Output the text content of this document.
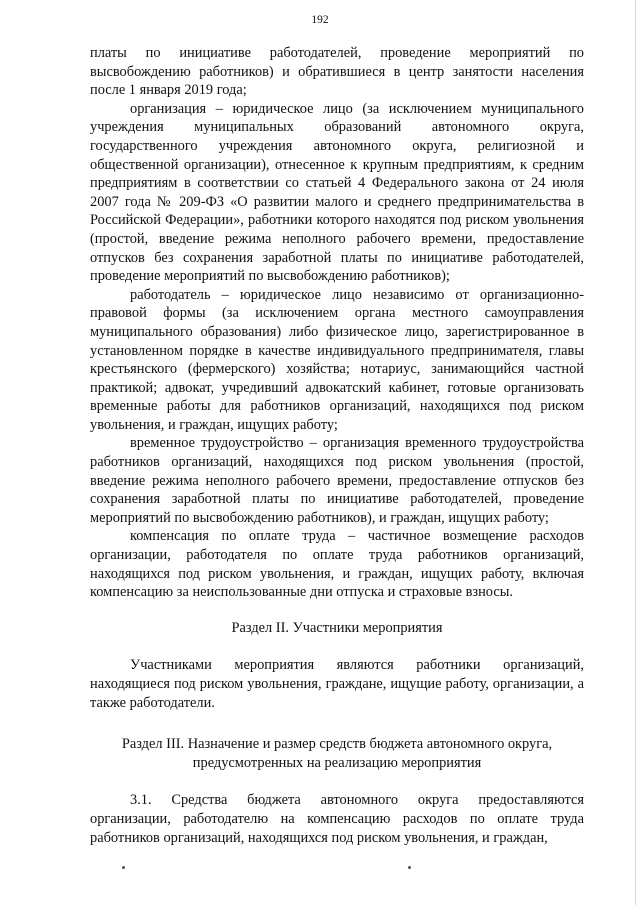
192

платы по инициативе работодателей, проведение мероприятий по высвобождению работников) и обратившиеся в центр занятости населения после 1 января 2019 года;

организация – юридическое лицо (за исключением муниципального учреждения муниципальных образований автономного округа, государственного учреждения автономного округа, религиозной и общественной организации), отнесенное к крупным предприятиям, к средним предприятиям в соответствии со статьей 4 Федерального закона от 24 июля 2007 года № 209-ФЗ «О развитии малого и среднего предпринимательства в Российской Федерации», работники которого находятся под риском увольнения (простой, введение режима неполного рабочего времени, предоставление отпусков без сохранения заработной платы по инициативе работодателей, проведение мероприятий по высвобождению работников);

работодатель – юридическое лицо независимо от организационно-правовой формы (за исключением органа местного самоуправления муниципального образования) либо физическое лицо, зарегистрированное в установленном порядке в качестве индивидуального предпринимателя, главы крестьянского (фермерского) хозяйства; нотариус, занимающийся частной практикой; адвокат, учредивший адвокатский кабинет, готовые организовать временные работы для работников организаций, находящихся под риском увольнения, и граждан, ищущих работу;

временное трудоустройство – организация временного трудоустройства работников организаций, находящихся под риском увольнения (простой, введение режима неполного рабочего времени, предоставление отпусков без сохранения заработной платы по инициативе работодателей, проведение мероприятий по высвобождению работников), и граждан, ищущих работу;

компенсация по оплате труда – частичное возмещение расходов организации, работодателя по оплате труда работников организаций, находящихся под риском увольнения, и граждан, ищущих работу, включая компенсацию за неиспользованные дни отпуска и страховые взносы.

Раздел II. Участники мероприятия

Участниками мероприятия являются работники организаций, находящиеся под риском увольнения, граждане, ищущие работу, организации, а также работодатели.

Раздел III. Назначение и размер средств бюджета автономного округа,

предусмотренных на реализацию мероприятия

3.1. Средства бюджета автономного округа предоставляются организации, работодателю на компенсацию расходов по оплате труда работников организаций, находящихся под риском увольнения, и граждан,
